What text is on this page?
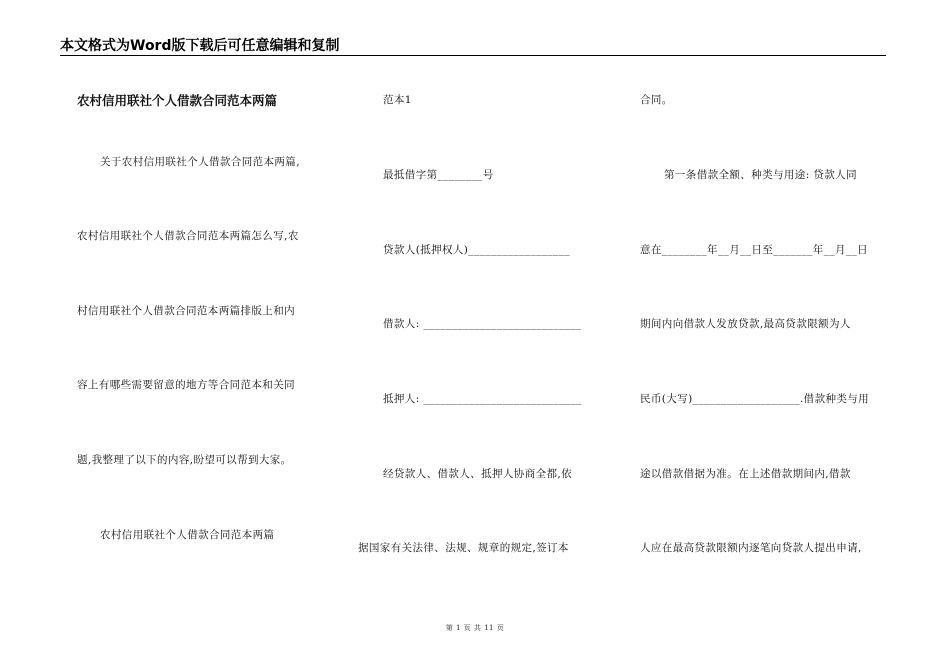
本文格式为Word版下载后可任意编辑和复制
农村信用联社个人借款合同范本两篇
关于农村信用联社个人借款合同范本两篇,
农村信用联社个人借款合同范本两篇怎么写,农
村信用联社个人借款合同范本两篇排版上和内
容上有哪些需要留意的地方等合同范本和关同
题,我整理了以下的内容,盼望可以帮到大家。
农村信用联社个人借款合同范本两篇
范本1
最抵借字第________号
贷款人(抵押权人)__________________
借款人: ____________________________
抵押人: ____________________________
经贷款人、借款人、抵押人协商全都,依
据国家有关法律、法规、规章的规定,签订本
合同。
第一条借款全额、种类与用途: 贷款人同
意在________年__月__日至_______年__月__日
期间内向借款人发放贷款,最高贷款限额为人
民币(大写)___________________.借款种类与用
途以借款借据为准。在上述借款期间内,借款
人应在最高贷款限额内逐笔向贷款人提出申请,
第 1 页 共 11 页
